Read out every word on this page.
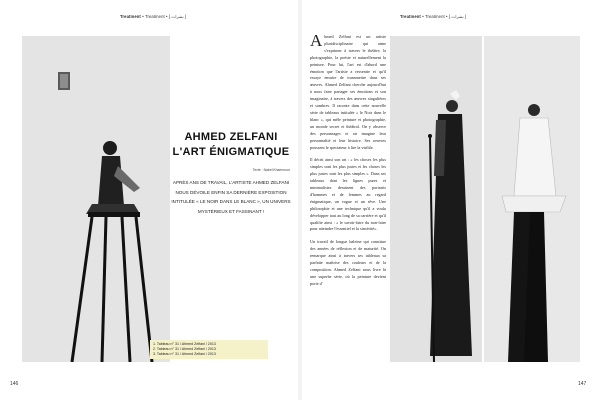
Treatment • Treatment • [ نشرات ]
AHMED ZELFANI
L'ART ÉNIGMATIQUE
Texte : Nabel Khaennour
APRÈS ANS DE TRAVAIL, L'ARTISTE AHMED ZELFANI
NOUS DÉVOILE ENFIN SA DERNIÈRE EXPOSITION
INTITULÉE « LE NOIR DANS LE BLANC », UN UNIVERS
MYSTÉRIEUX ET FASSINANT !
1. Tableau n° 31 / Ahmed Zelfani / 2013
2. Tableau n° 31 / Ahmed Zelfani / 2013
3. Tableau n° 31 / Ahmed Zelfani / 2013
146
Treatment • Treatment • [ نشرات ]

Ahmed Zelfani est un artiste pluridisciplinaire qui aime s'exprimer à travers le théâtre, la photographie, la poésie et naturellement la peinture. Pour lui, l'art est d'abord une émotion que l'artiste a ressentie et qu'il essaye ensuite de transmettre dans ses œuvres. Ahmed Zelfani cherche aujourd'hui à nous faire partager ses émotions et son imaginaire, à travers des œuvres singulières et sombres. Il raconte dans cette nouvelle série de tableaux intitulée « le Noir dans le blanc », qui mêle peinture et photographie, un monde secret et théâtral. On y observe des personnages et on imagine leur personnalité et leur histoire. Ses oeuvres poussent le spectateur à lire la visible.

Il décrit ainsi son art : « les choses les plus simples sont les plus justes et les choses les plus justes sont les plus simples ». Dans ses tableaux dont les lignes pures et minimalistes dessinent des portraits d'hommes et de femmes au regard énigmatique, un vague et un rêve. Une philosophie et une technique qu'il a voulu développer tout au long de sa carrière et qu'il qualifie ainsi : « le savoir-faire du non-faire pour atteindre l'essentiel et la sincérité».

Un travail de longue haleine qui constitue des années de réflexion et de maturité. On remarque ainsi à travers ses tableaux sa parfaite maîtrise des couleurs et de la composition. Ahmed Zelfani nous livre là une superbe série, où la peinture devient porte d'

147
